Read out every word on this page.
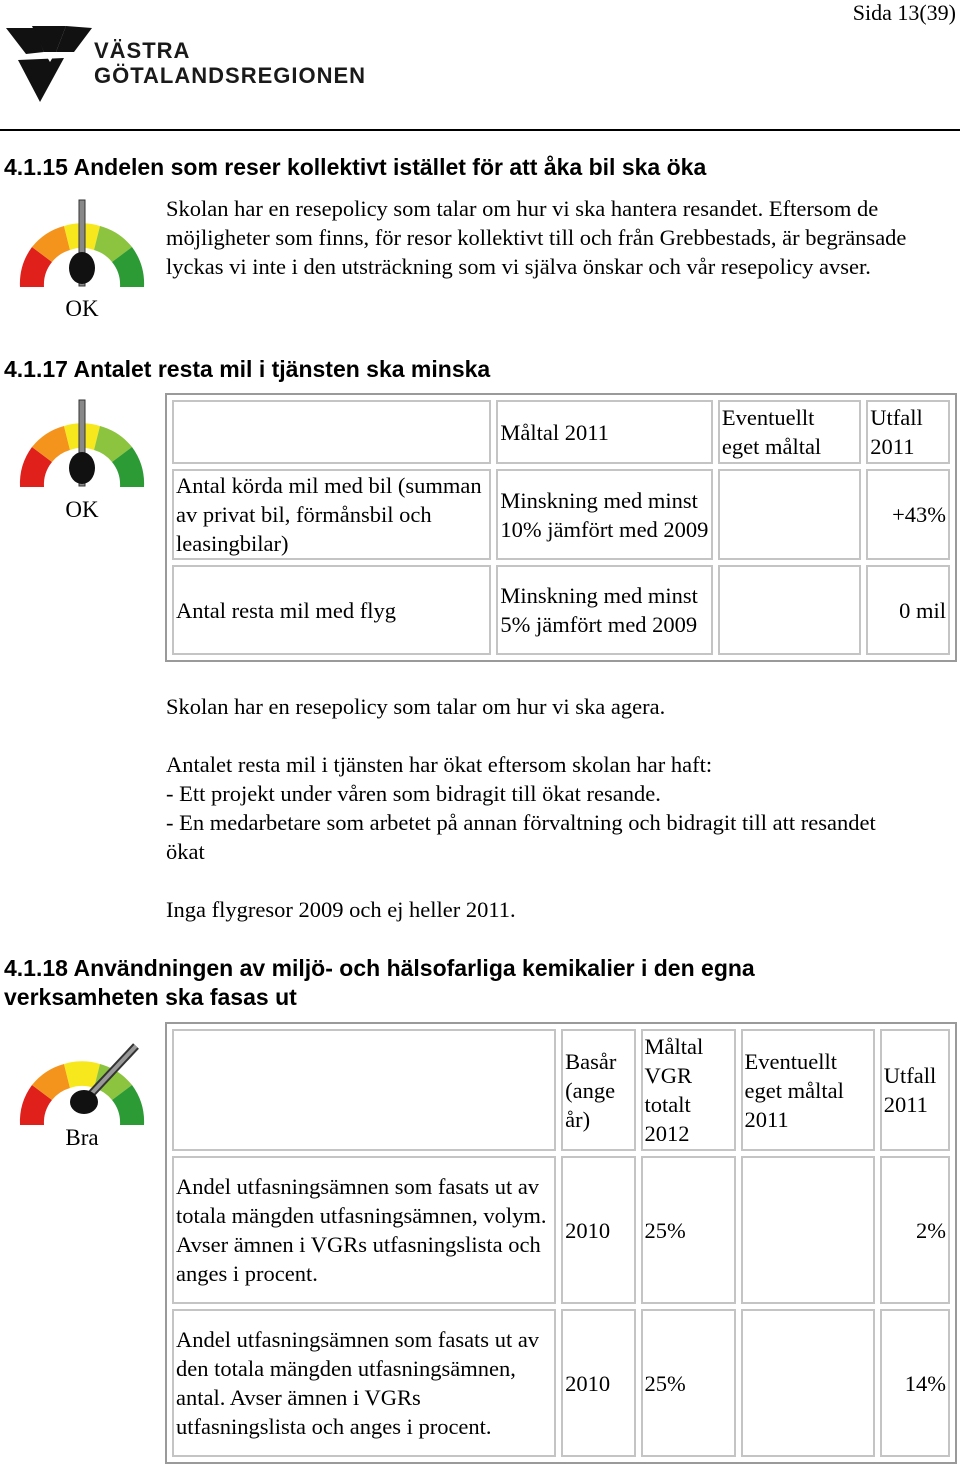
Sida 13(39)
VÄSTRA
GÖTALANDSREGIONEN
4.1.15 Andelen som reser kollektivt istället för att åka bil ska öka
OK
Skolan har en resepolicy som talar om hur vi ska hantera resandet. Eftersom de möjligheter som finns, för resor kollektivt till och från Grebbestads, är begränsade lyckas vi inte i den utsträckning som vi själva önskar och vår resepolicy avser.
4.1.17 Antalet resta mil i tjänsten ska minska
OK
	Måltal 2011	Eventuellt eget måltal	Utfall 2011
Antal körda mil med bil (summan av privat bil, förmånsbil och leasingbilar)	Minskning med minst 10% jämfört med 2009		+43%
Antal resta mil med flyg	Minskning med minst 5% jämfört med 2009		0 mil
Skolan har en resepolicy som talar om hur vi ska agera.
Antalet resta mil i tjänsten har ökat eftersom skolan har haft:
- Ett projekt under våren som bidragit till ökat resande.
- En medarbetare som arbetet på annan förvaltning och bidragit till att resandet ökat
Inga flygresor 2009 och ej heller 2011.
4.1.18 Användningen av miljö- och hälsofarliga kemikalier i den egna verksamheten ska fasas ut
Bra
	Basår (ange år)	Måltal VGR totalt 2012	Eventuellt eget måltal 2011	Utfall 2011
Andel utfasningsämnen som fasats ut av totala mängden utfasningsämnen, volym. Avser ämnen i VGRs utfasningslista och anges i procent.	2010	25%		2%
Andel utfasningsämnen som fasats ut av den totala mängden utfasningsämnen, antal. Avser ämnen i VGRs utfasningslista och anges i procent.	2010	25%		14%
